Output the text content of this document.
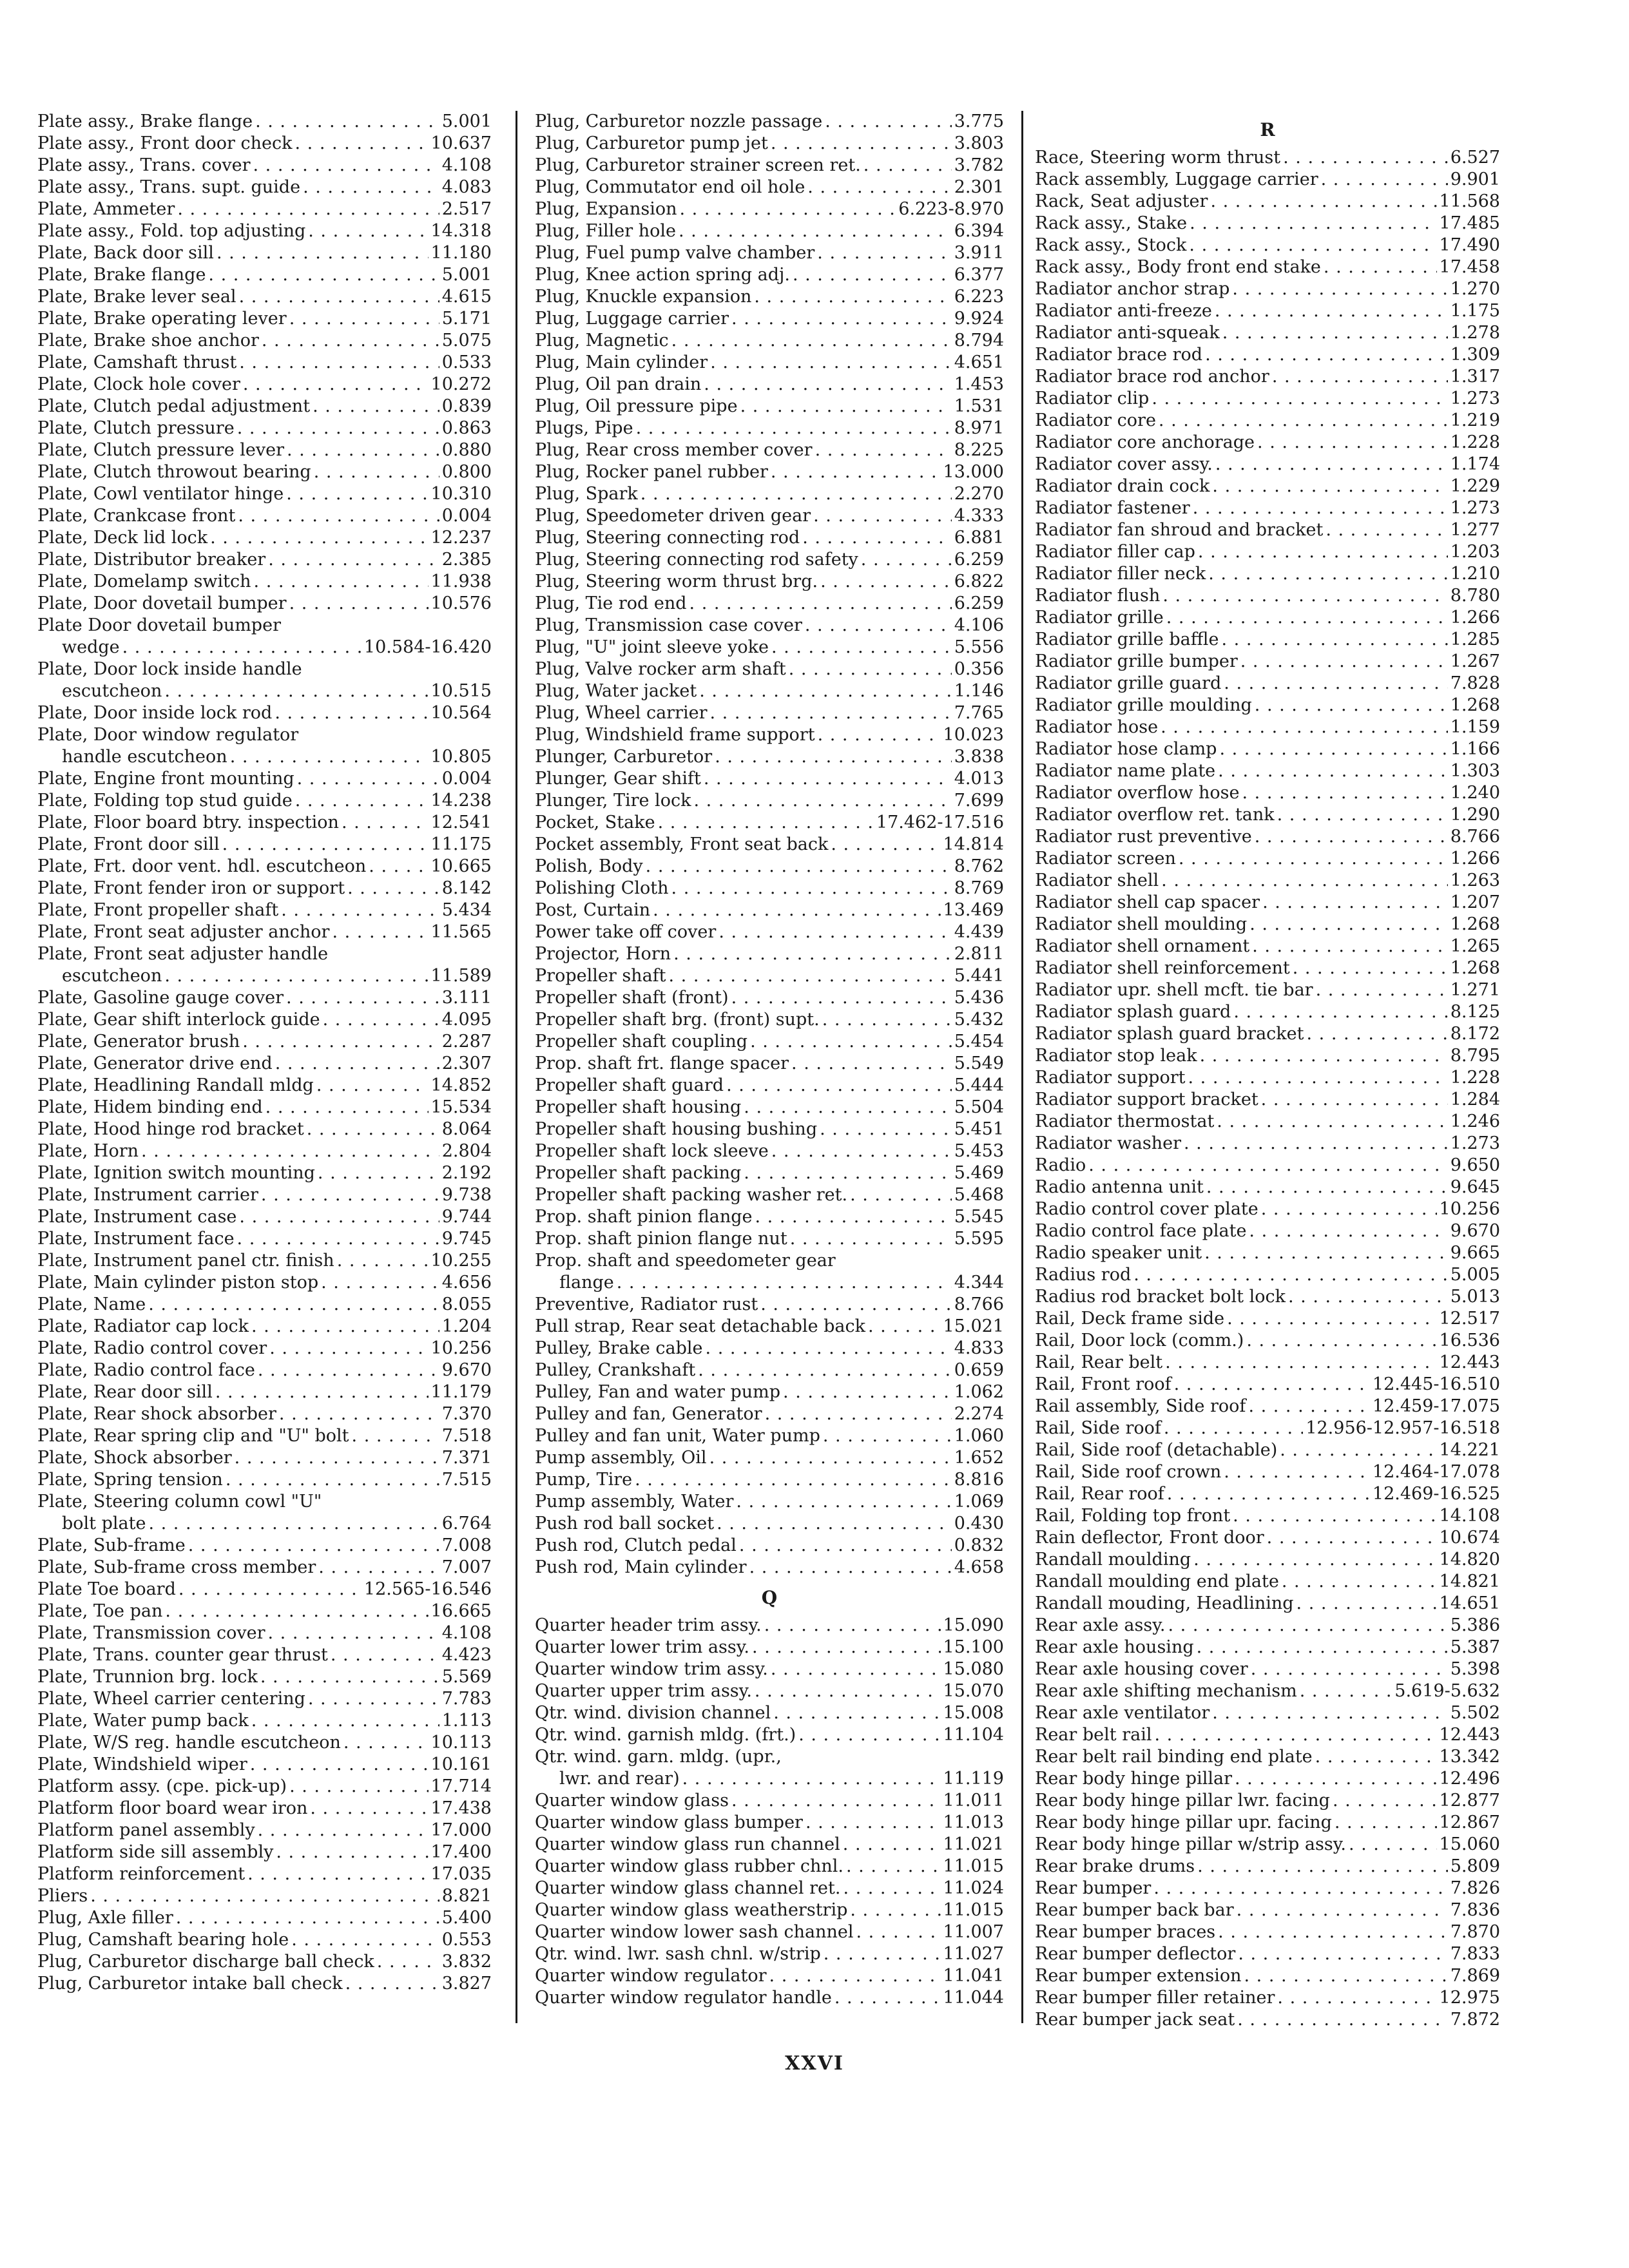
Plate assy., Brake flange . . .	5.001
Plate assy., Front door check . . .	10.637
Plate assy., Trans. cover . . .	4.108
Plate assy., Trans. supt. guide . . .	4.083
Plate, Ammeter . . .	2.517
Plate assy., Fold. top adjusting . . .	14.318
Plate, Back door sill . . .	11.180
Plate, Brake flange . . .	5.001
Plate, Brake lever seal . . .	4.615
Plate, Brake operating lever . . .	5.171
Plate, Brake shoe anchor . . .	5.075
Plate, Camshaft thrust . . .	0.533
Plate, Clock hole cover . . .	10.272
Plate, Clutch pedal adjustment . . .	0.839
Plate, Clutch pressure . . .	0.863
Plate, Clutch pressure lever . . .	0.880
Plate, Clutch throwout bearing . . .	0.800
Plate, Cowl ventilator hinge . . .	10.310
Plate, Crankcase front . . .	0.004
Plate, Deck lid lock . . .	12.237
Plate, Distributor breaker . . .	2.385
Plate, Domelamp switch . . .	11.938
Plate, Door dovetail bumper . . .	10.576
Plate Door dovetail bumper
wedge . . .	10.584-16.420
Plate, Door lock inside handle
escutcheon . . .	10.515
Plate, Door inside lock rod . . .	10.564
Plate, Door window regulator
handle escutcheon . . .	10.805
Plate, Engine front mounting . . .	0.004
Plate, Folding top stud guide . . .	14.238
Plate, Floor board btry. inspection . . .	12.541
Plate, Front door sill . . .	11.175
Plate, Frt. door vent. hdl. escutcheon . . .	10.665
Plate, Front fender iron or support . . .	8.142
Plate, Front propeller shaft . . .	5.434
Plate, Front seat adjuster anchor . . .	11.565
Plate, Front seat adjuster handle
escutcheon . . .	11.589
Plate, Gasoline gauge cover . . .	3.111
Plate, Gear shift interlock guide . . .	4.095
Plate, Generator brush . . .	2.287
Plate, Generator drive end . . .	2.307
Plate, Headlining Randall mldg . . .	14.852
Plate, Hidem binding end . . .	15.534
Plate, Hood hinge rod bracket . . .	8.064
Plate, Horn . . .	2.804
Plate, Ignition switch mounting . . .	2.192
Plate, Instrument carrier . . .	9.738
Plate, Instrument case . . .	9.744
Plate, Instrument face . . .	9.745
Plate, Instrument panel ctr. finish . . .	10.255
Plate, Main cylinder piston stop . . .	4.656
Plate, Name . . .	8.055
Plate, Radiator cap lock . . .	1.204
Plate, Radio control cover . . .	10.256
Plate, Radio control face . . .	9.670
Plate, Rear door sill . . .	11.179
Plate, Rear shock absorber . . .	7.370
Plate, Rear spring clip and "U" bolt . . .	7.518
Plate, Shock absorber . . .	7.371
Plate, Spring tension . . .	7.515
Plate, Steering column cowl "U"
bolt plate . . .	6.764
Plate, Sub-frame . . .	7.008
Plate, Sub-frame cross member . . .	7.007
Plate Toe board . . .	12.565-16.546
Plate, Toe pan . . .	16.665
Plate, Transmission cover . . .	4.108
Plate, Trans. counter gear thrust . . .	4.423
Plate, Trunnion brg. lock . . .	5.569
Plate, Wheel carrier centering . . .	7.783
Plate, Water pump back . . .	1.113
Plate, W/S reg. handle escutcheon . . .	10.113
Plate, Windshield wiper . . .	10.161
Platform assy. (cpe. pick-up) . . .	17.714
Platform floor board wear iron . . .	17.438
Platform panel assembly . . .	17.000
Platform side sill assembly . . .	17.400
Platform reinforcement . . .	17.035
Pliers . . .	8.821
Plug, Axle filler . . .	5.400
Plug, Camshaft bearing hole . . .	0.553
Plug, Carburetor discharge ball check . . .	3.832
Plug, Carburetor intake ball check . . .	3.827
Plug, Carburetor nozzle passage . . .	3.775
Plug, Carburetor pump jet . . .	3.803
Plug, Carburetor strainer screen ret. . . .	3.782
Plug, Commutator end oil hole . . .	2.301
Plug, Expansion . . .	6.223-8.970
Plug, Filler hole . . .	6.394
Plug, Fuel pump valve chamber . . .	3.911
Plug, Knee action spring adj. . . .	6.377
Plug, Knuckle expansion . . .	6.223
Plug, Luggage carrier . . .	9.924
Plug, Magnetic . . .	8.794
Plug, Main cylinder . . .	4.651
Plug, Oil pan drain . . .	1.453
Plug, Oil pressure pipe . . .	1.531
Plugs, Pipe . . .	8.971
Plug, Rear cross member cover . . .	8.225
Plug, Rocker panel rubber . . .	13.000
Plug, Spark . . .	2.270
Plug, Speedometer driven gear . . .	4.333
Plug, Steering connecting rod . . .	6.881
Plug, Steering connecting rod safety . . .	6.259
Plug, Steering worm thrust brg. . . .	6.822
Plug, Tie rod end . . .	6.259
Plug, Transmission case cover . . .	4.106
Plug, "U" joint sleeve yoke . . .	5.556
Plug, Valve rocker arm shaft . . .	0.356
Plug, Water jacket . . .	1.146
Plug, Wheel carrier . . .	7.765
Plug, Windshield frame support . . .	10.023
Plunger, Carburetor . . .	3.838
Plunger, Gear shift . . .	4.013
Plunger, Tire lock . . .	7.699
Pocket, Stake . . .	17.462-17.516
Pocket assembly, Front seat back . . .	14.814
Polish, Body . . .	8.762
Polishing Cloth . . .	8.769
Post, Curtain . . .	13.469
Power take off cover . . .	4.439
Projector, Horn . . .	2.811
Propeller shaft . . .	5.441
Propeller shaft (front) . . .	5.436
Propeller shaft brg. (front) supt. . . .	5.432
Propeller shaft coupling . . .	5.454
Prop. shaft frt. flange spacer . . .	5.549
Propeller shaft guard . . .	5.444
Propeller shaft housing . . .	5.504
Propeller shaft housing bushing . . .	5.451
Propeller shaft lock sleeve . . .	5.453
Propeller shaft packing . . .	5.469
Propeller shaft packing washer ret. . . .	5.468
Prop. shaft pinion flange . . .	5.545
Prop. shaft pinion flange nut . . .	5.595
Prop. shaft and speedometer gear
flange . . .	4.344
Preventive, Radiator rust . . .	8.766
Pull strap, Rear seat detachable back . . .	15.021
Pulley, Brake cable . . .	4.833
Pulley, Crankshaft . . .	0.659
Pulley, Fan and water pump . . .	1.062
Pulley and fan, Generator . . .	2.274
Pulley and fan unit, Water pump . . .	1.060
Pump assembly, Oil . . .	1.652
Pump, Tire . . .	8.816
Pump assembly, Water . . .	1.069
Push rod ball socket . . .	0.430
Push rod, Clutch pedal . . .	0.832
Push rod, Main cylinder . . .	4.658
Q
Quarter header trim assy. . . .	15.090
Quarter lower trim assy. . . .	15.100
Quarter window trim assy. . . .	15.080
Quarter upper trim assy. . . .	15.070
Qtr. wind. division channel . . .	15.008
Qtr. wind. garnish mldg. (frt.) . . .	11.104
Qtr. wind. garn. mldg. (upr.,
lwr. and rear) . . .	11.119
Quarter window glass . . .	11.011
Quarter window glass bumper . . .	11.013
Quarter window glass run channel . . .	11.021
Quarter window glass rubber chnl. . . .	11.015
Quarter window glass channel ret. . . .	11.024
Quarter window glass weatherstrip . . .	11.015
Quarter window lower sash channel . . .	11.007
Qtr. wind. lwr. sash chnl. w/strip . . .	11.027
Quarter window regulator . . .	11.041
Quarter window regulator handle . . .	11.044
R
Race, Steering worm thrust . . .	6.527
Rack assembly, Luggage carrier . . .	9.901
Rack, Seat adjuster . . .	11.568
Rack assy., Stake . . .	17.485
Rack assy., Stock . . .	17.490
Rack assy., Body front end stake . . .	17.458
Radiator anchor strap . . .	1.270
Radiator anti-freeze . . .	1.175
Radiator anti-squeak . . .	1.278
Radiator brace rod . . .	1.309
Radiator brace rod anchor . . .	1.317
Radiator clip . . .	1.273
Radiator core . . .	1.219
Radiator core anchorage . . .	1.228
Radiator cover assy. . . .	1.174
Radiator drain cock . . .	1.229
Radiator fastener . . .	1.273
Radiator fan shroud and bracket . . .	1.277
Radiator filler cap . . .	1.203
Radiator filler neck . . .	1.210
Radiator flush . . .	8.780
Radiator grille . . .	1.266
Radiator grille baffle . . .	1.285
Radiator grille bumper . . .	1.267
Radiator grille guard . . .	7.828
Radiator grille moulding . . .	1.268
Radiator hose . . .	1.159
Radiator hose clamp . . .	1.166
Radiator name plate . . .	1.303
Radiator overflow hose . . .	1.240
Radiator overflow ret. tank . . .	1.290
Radiator rust preventive . . .	8.766
Radiator screen . . .	1.266
Radiator shell . . .	1.263
Radiator shell cap spacer . . .	1.207
Radiator shell moulding . . .	1.268
Radiator shell ornament . . .	1.265
Radiator shell reinforcement . . .	1.268
Radiator upr. shell mcft. tie bar . . .	1.271
Radiator splash guard . . .	8.125
Radiator splash guard bracket . . .	8.172
Radiator stop leak . . .	8.795
Radiator support . . .	1.228
Radiator support bracket . . .	1.284
Radiator thermostat . . .	1.246
Radiator washer . . .	1.273
Radio . . .	9.650
Radio antenna unit . . .	9.645
Radio control cover plate . . .	10.256
Radio control face plate . . .	9.670
Radio speaker unit . . .	9.665
Radius rod . . .	5.005
Radius rod bracket bolt lock . . .	5.013
Rail, Deck frame side . . .	12.517
Rail, Door lock (comm.) . . .	16.536
Rail, Rear belt . . .	12.443
Rail, Front roof . . .	12.445-16.510
Rail assembly, Side roof . . .	12.459-17.075
Rail, Side roof . . .	12.956-12.957-16.518
Rail, Side roof (detachable) . . .	14.221
Rail, Side roof crown . . .	12.464-17.078
Rail, Rear roof . . .	12.469-16.525
Rail, Folding top front . . .	14.108
Rain deflector, Front door . . .	10.674
Randall moulding . . .	14.820
Randall moulding end plate . . .	14.821
Randall mouding, Headlining . . .	14.651
Rear axle assy. . . .	5.386
Rear axle housing . . .	5.387
Rear axle housing cover . . .	5.398
Rear axle shifting mechanism . . .	5.619-5.632
Rear axle ventilator . . .	5.502
Rear belt rail . . .	12.443
Rear belt rail binding end plate . . .	13.342
Rear body hinge pillar . . .	12.496
Rear body hinge pillar lwr. facing . . .	12.877
Rear body hinge pillar upr. facing . . .	12.867
Rear body hinge pillar w/strip assy. . . .	15.060
Rear brake drums . . .	5.809
Rear bumper . . .	7.826
Rear bumper back bar . . .	7.836
Rear bumper braces . . .	7.870
Rear bumper deflector . . .	7.833
Rear bumper extension . . .	7.869
Rear bumper filler retainer . . .	12.975
Rear bumper jack seat . . .	7.872
XXVI
